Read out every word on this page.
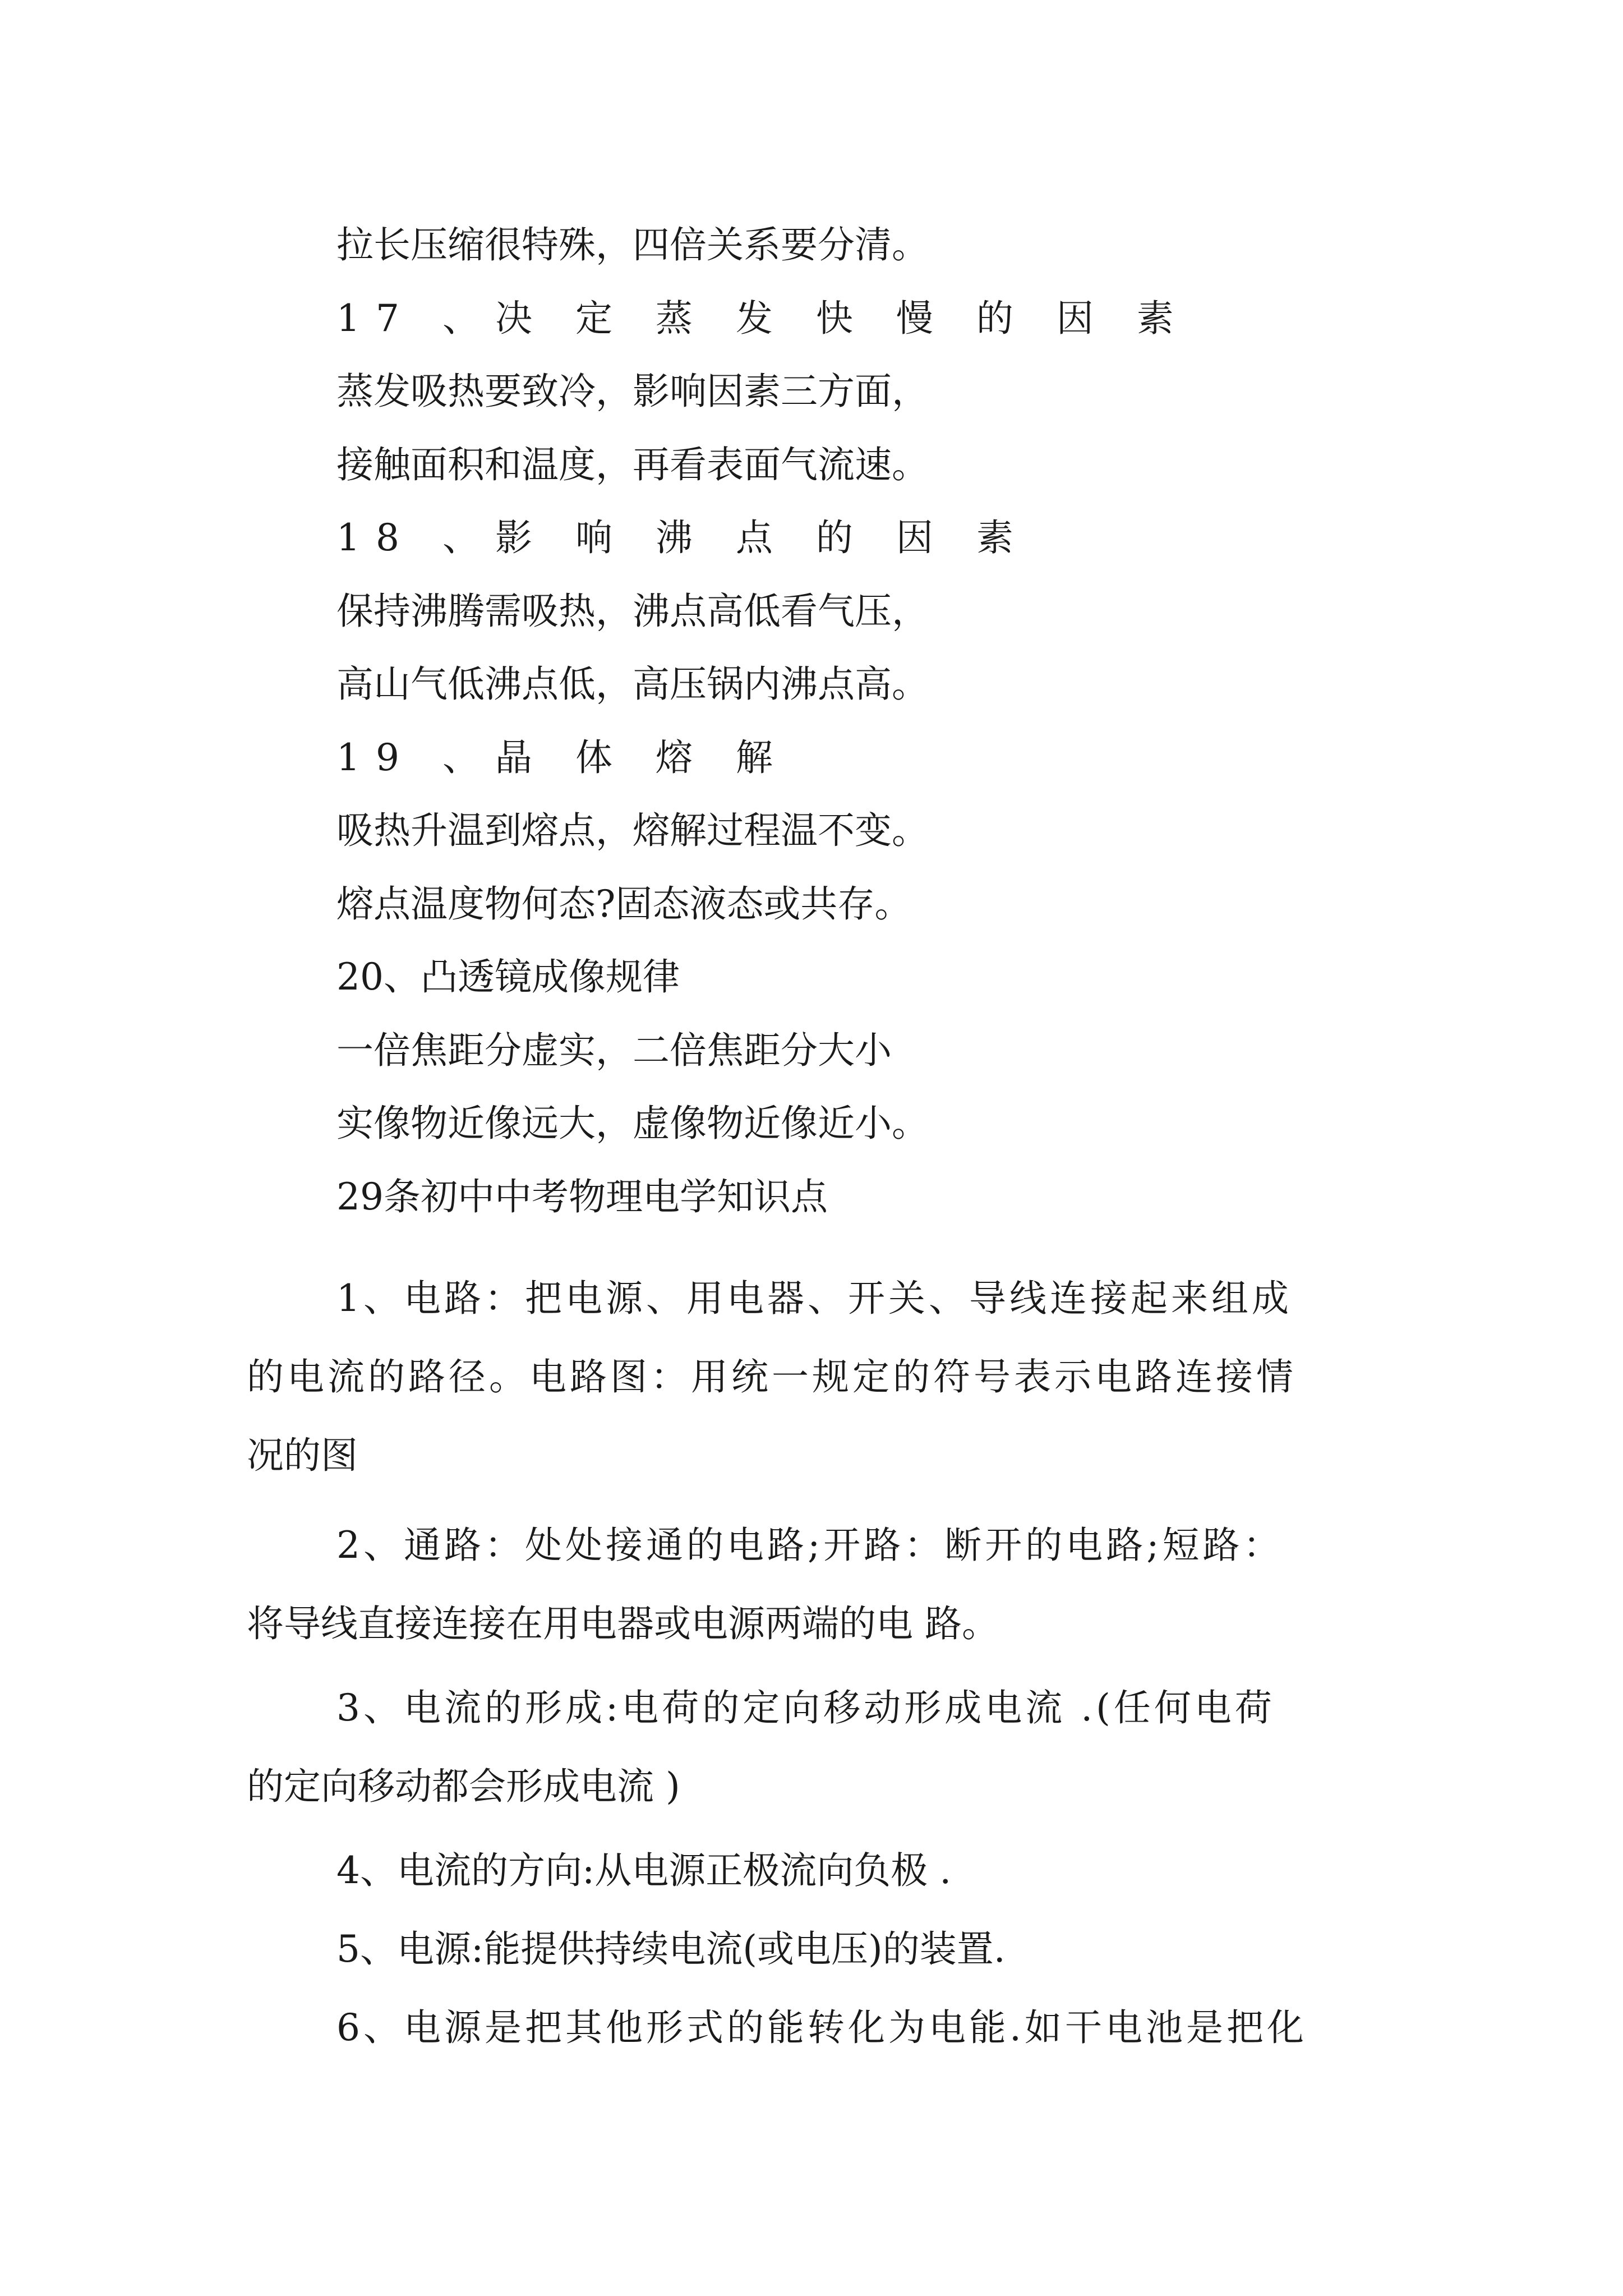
拉长压缩很特殊，四倍关系要分清。
17 、决 定 蒸 发 快 慢 的 因 素
蒸发吸热要致冷，影响因素三方面，
接触面积和温度，再看表面气流速。
18 、影 响 沸 点 的 因 素
保持沸腾需吸热，沸点高低看气压，
高山气低沸点低，高压锅内沸点高。
19 、晶 体 熔 解
吸热升温到熔点，熔解过程温不变。
熔点温度物何态?固态液态或共存。
20、凸透镜成像规律
一倍焦距分虚实，二倍焦距分大小
实像物近像远大，虚像物近像近小。
29条初中中考物理电学知识点
1、电路：把电源、用电器、开关、导线连接起来组成
的电流的路径。电路图：用统一规定的符号表示电路连接情
况的图
2、通路：处处接通的电路;开路：断开的电路;短路：
将导线直接连接在用电器或电源两端的电 路。
3、电流的形成:电荷的定向移动形成电流 .(任何电荷
的定向移动都会形成电流 )
4、电流的方向:从电源正极流向负极 .
5、电源:能提供持续电流(或电压)的装置.
6、电源是把其他形式的能转化为电能.如干电池是把化
